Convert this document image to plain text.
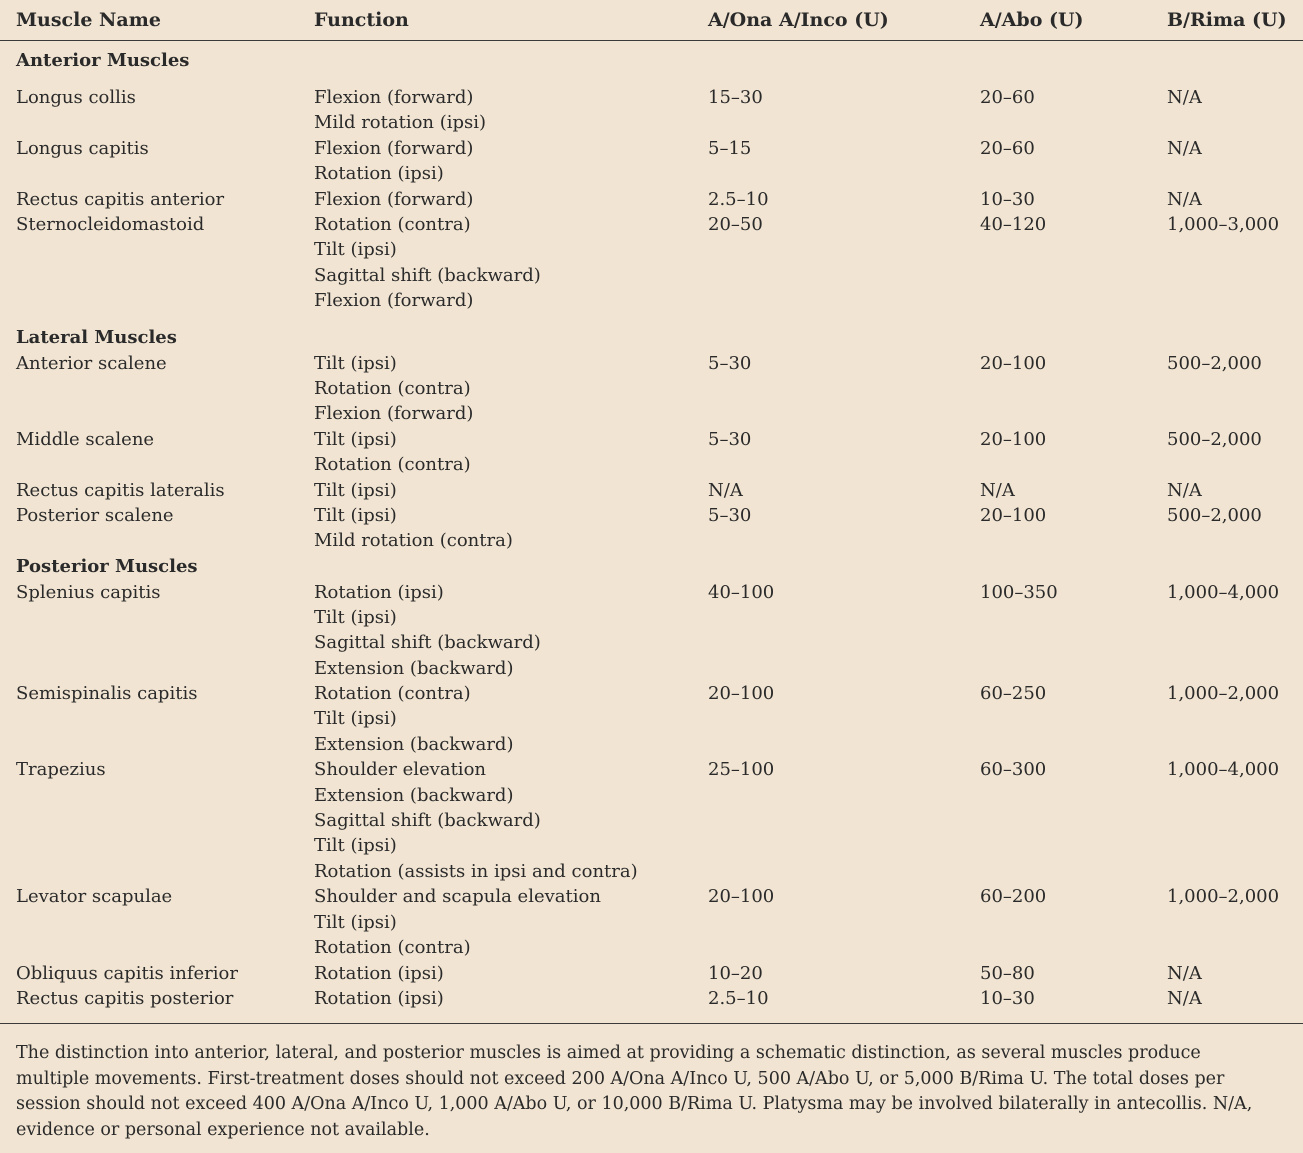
Muscle Name	Function	A/Ona A/Inco (U)	A/Abo (U)	B/Rima (U)
Anterior Muscles
Longus collis	Flexion (forward)
Mild rotation (ipsi)
15–30	20–60	N/A
Longus capitis	Flexion (forward)
Rotation (ipsi)
5–15	20–60	N/A
Rectus capitis anterior	Flexion (forward)	2.5–10	10–30	N/A
Sternocleidomastoid	Rotation (contra)
Tilt (ipsi)
Sagittal shift (backward)
Flexion (forward)
20–50	40–120	1,000–3,000
Lateral Muscles
Anterior scalene	Tilt (ipsi)
Rotation (contra)
Flexion (forward)
5–30	20–100	500–2,000
Middle scalene	Tilt (ipsi)
Rotation (contra)
5–30	20–100	500–2,000
Rectus capitis lateralis	Tilt (ipsi)	N/A	N/A	N/A
Posterior scalene	Tilt (ipsi)
Mild rotation (contra)
5–30	20–100	500–2,000
Posterior Muscles
Splenius capitis	Rotation (ipsi)
Tilt (ipsi)
Sagittal shift (backward)
Extension (backward)
40–100	100–350	1,000–4,000
Semispinalis capitis	Rotation (contra)
Tilt (ipsi)
Extension (backward)
20–100	60–250	1,000–2,000
Trapezius	Shoulder elevation
Extension (backward)
Sagittal shift (backward)
Tilt (ipsi)
Rotation (assists in ipsi and contra)
25–100	60–300	1,000–4,000
Levator scapulae	Shoulder and scapula elevation
Tilt (ipsi)
Rotation (contra)
20–100	60–200	1,000–2,000
Obliquus capitis inferior	Rotation (ipsi)	10–20	50–80	N/A
Rectus capitis posterior	Rotation (ipsi)	2.5–10	10–30	N/A
The distinction into anterior, lateral, and posterior muscles is aimed at providing a schematic distinction, as several muscles produce multiple movements. First-treatment doses should not exceed 200 A/Ona A/Inco U, 500 A/Abo U, or 5,000 B/Rima U. The total doses per session should not exceed 400 A/Ona A/Inco U, 1,000 A/Abo U, or 10,000 B/Rima U. Platysma may be involved bilaterally in antecollis. N/A, evidence or personal experience not available.
